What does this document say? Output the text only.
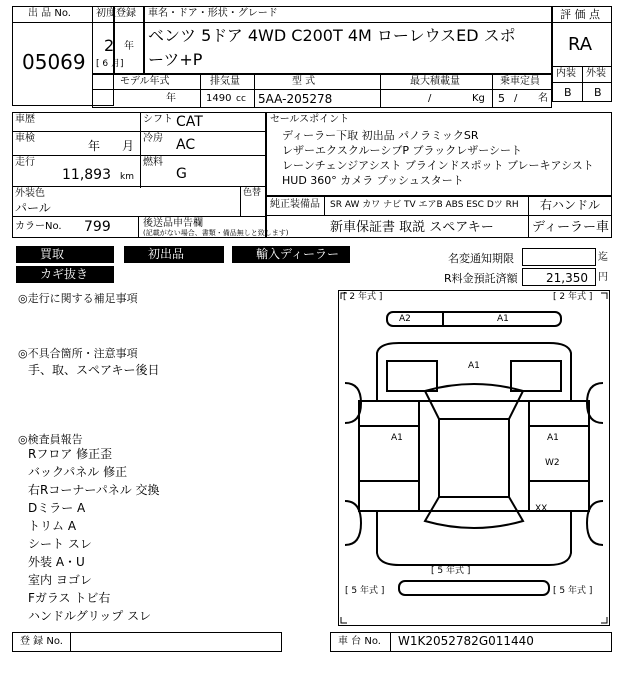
出 品 No.
05069
初度登録
2 年
[ 6 月]
車名・ドア・形状・グレード
ベンツ 5ドア 4WD C200T 4M ローレウスED スポ
ーツ+P
評 価 点
RA
内装 外装
B B
モデル年式
年
排気量
1490 cc
型 式
5AA-205278
最大積載量
/	Kg
乗車定員
5 / 名
車歴	シフト CAT
車検
年 月
冷房 AC
走行
11,893 km
燃料
G
外装色
パール
色替
カラーNo. 799	後送品申告欄
(記載がない場合、書類・備品無しと致します)
セールスポイント
ディーラー下取 初出品 パノラミックSR
レザーエクスクルーシブP ブラックレザーシート
レーンチェンジアシスト ブラインドスポット ブレーキアシスト
HUD 360° カメラ プッシュスタート
純正装備品 SR AW カワ ナビ TV エアB ABS ESC Dツ RH 右ハンドル
新車保証書 取説 スペアキー	ディーラー車
買取	初出品	輸入ディーラー
カギ抜き
名変通知期限	迄
R料金預託済額 21,350 円
◎走行に関する補足事項
◎不具合箇所・注意事項
手、取、スペアキー後日
◎検査員報告
Rフロア 修正歪
バックパネル 修正
右Rコーナーパネル 交換
Dミラー A
トリム A
シート スレ
外装 A・U
室内 ヨゴレ
Fガラス トビ右
ハンドルグリップ スレ
[ 2 年式 ]	[ 2 年式 ]
[ 5 年式 ]
[ 5 年式 ]
[ 5 年式 ]
A2	A1
A1
A1	A1
W2
XX
登 録 No.	車 台 No. W1K2052782G011440
